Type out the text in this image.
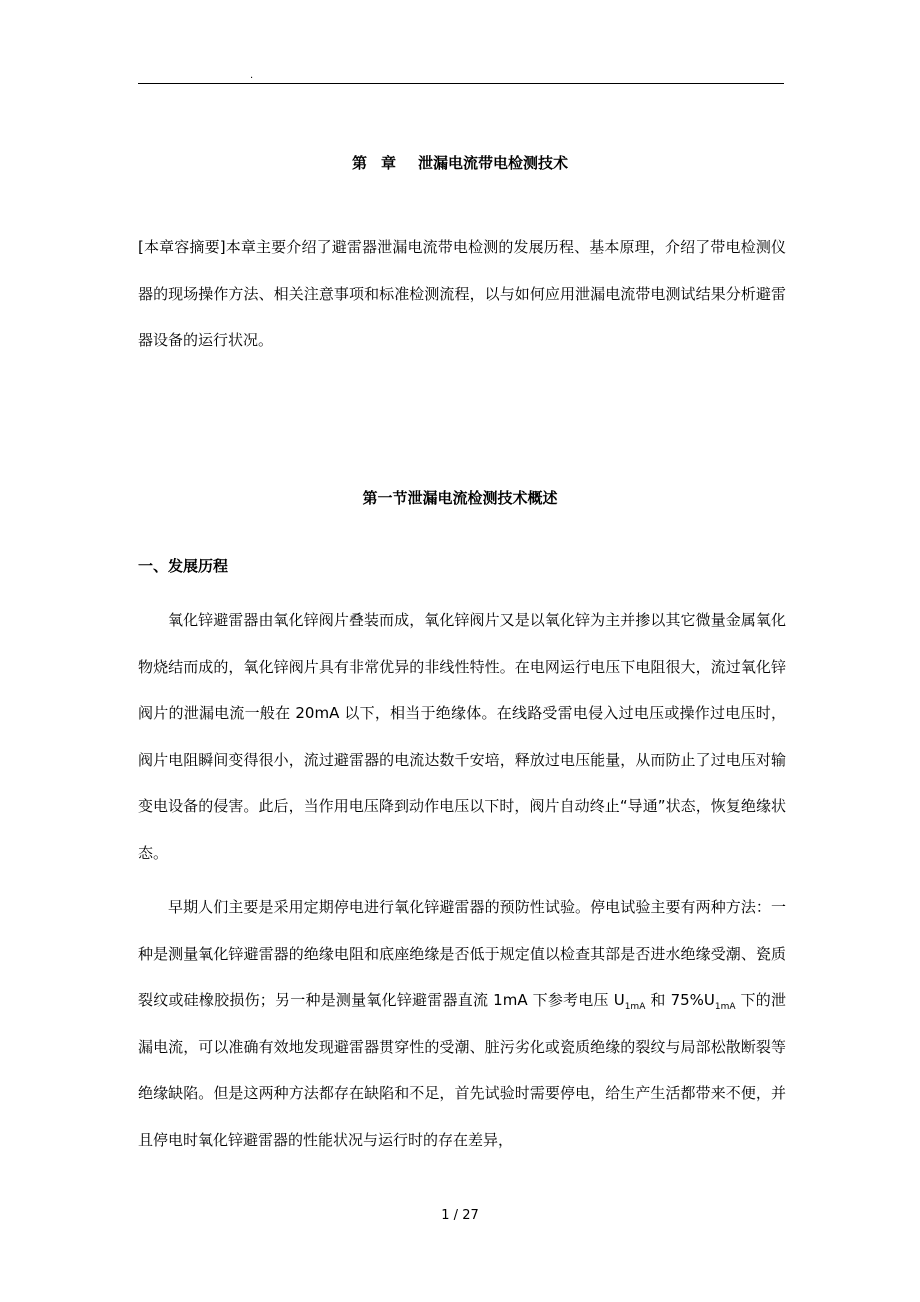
.
第 章 泄漏电流带电检测技术
[本章容摘要]本章主要介绍了避雷器泄漏电流带电检测的发展历程、基本原理，介绍了带电检测仪器的现场操作方法、相关注意事项和标准检测流程，以与如何应用泄漏电流带电测试结果分析避雷器设备的运行状况。
第一节泄漏电流检测技术概述
一、发展历程

氧化锌避雷器由氧化锌阀片叠装而成，氧化锌阀片又是以氧化锌为主并掺以其它微量金属氧化物烧结而成的，氧化锌阀片具有非常优异的非线性特性。在电网运行电压下电阻很大，流过氧化锌阀片的泄漏电流一般在 20mA 以下，相当于绝缘体。在线路受雷电侵入过电压或操作过电压时，阀片电阻瞬间变得很小，流过避雷器的电流达数千安培，释放过电压能量，从而防止了过电压对输变电设备的侵害。此后，当作用电压降到动作电压以下时，阀片自动终止“导通”状态，恢复绝缘状态。

早期人们主要是采用定期停电进行氧化锌避雷器的预防性试验。停电试验主要有两种方法：一种是测量氧化锌避雷器的绝缘电阻和底座绝缘是否低于规定值以检查其部是否进水绝缘受潮、瓷质裂纹或硅橡胶损伤；另一种是测量氧化锌避雷器直流 1mA 下参考电压 $U_{1mA}$ 和 $75\%U_{1mA}$ 下的泄漏电流，可以准确有效地发现避雷器贯穿性的受潮、脏污劣化或瓷质绝缘的裂纹与局部松散断裂等绝缘缺陷。但是这两种方法都存在缺陷和不足，首先试验时需要停电，给生产生活都带来不便，并且停电时氧化锌避雷器的性能状况与运行时的存在差异，

1 / 27
